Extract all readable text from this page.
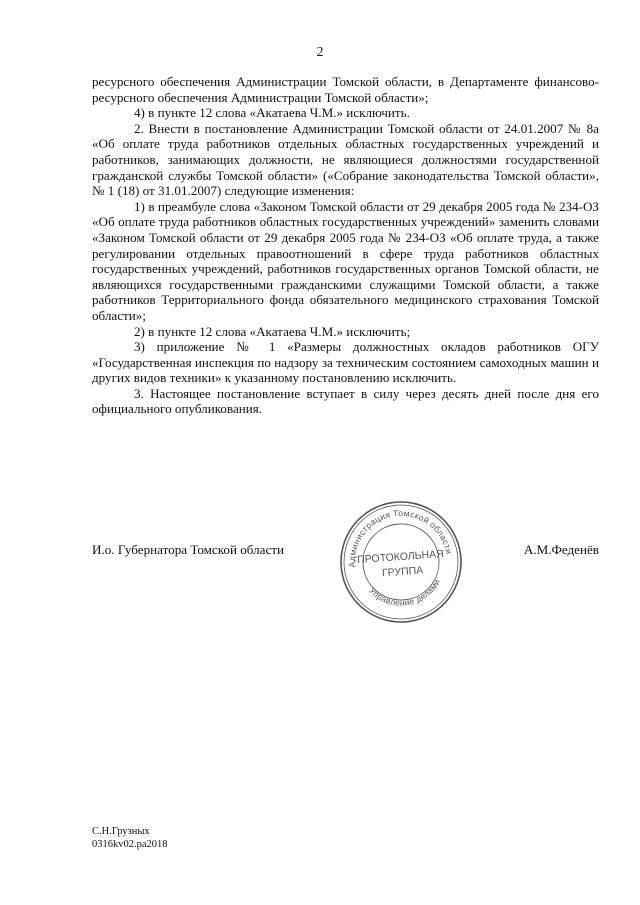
2

ресурсного обеспечения Администрации Томской области, в Департаменте финансово-ресурсного обеспечения Администрации Томской области»;

4) в пункте 12 слова «Акатаева Ч.М.» исключить.

2. Внести в постановление Администрации Томской области от 24.01.2007 № 8а «Об оплате труда работников отдельных областных государственных учреждений и работников, занимающих должности, не являющиеся должностями государственной гражданской службы Томской области» («Собрание законодательства Томской области», № 1 (18) от 31.01.2007) следующие изменения:

1) в преамбуле слова «Законом Томской области от 29 декабря 2005 года № 234-ОЗ «Об оплате труда работников областных государственных учреждений» заменить словами «Законом Томской области от 29 декабря 2005 года № 234-ОЗ «Об оплате труда, а также регулировании отдельных правоотношений в сфере труда работников областных государственных учреждений, работников государственных органов Томской области, не являющихся государственными гражданскими служащими Томской области, а также работников Территориального фонда обязательного медицинского страхования Томской области»;

2) в пункте 12 слова «Акатаева Ч.М.» исключить;

3) приложение № 1 «Размеры должностных окладов работников ОГУ «Государственная инспекция по надзору за техническим состоянием самоходных машин и других видов техники» к указанному постановлению исключить.

3. Настоящее постановление вступает в силу через десять дней после дня его официального опубликования.

И.о. Губернатора Томской области	А.М.Феденёв
Администрация Томской области
Управление делами
ПРОТОКОЛЬНАЯ
ГРУППА
С.Н.Грузных
0316kv02.pa2018
